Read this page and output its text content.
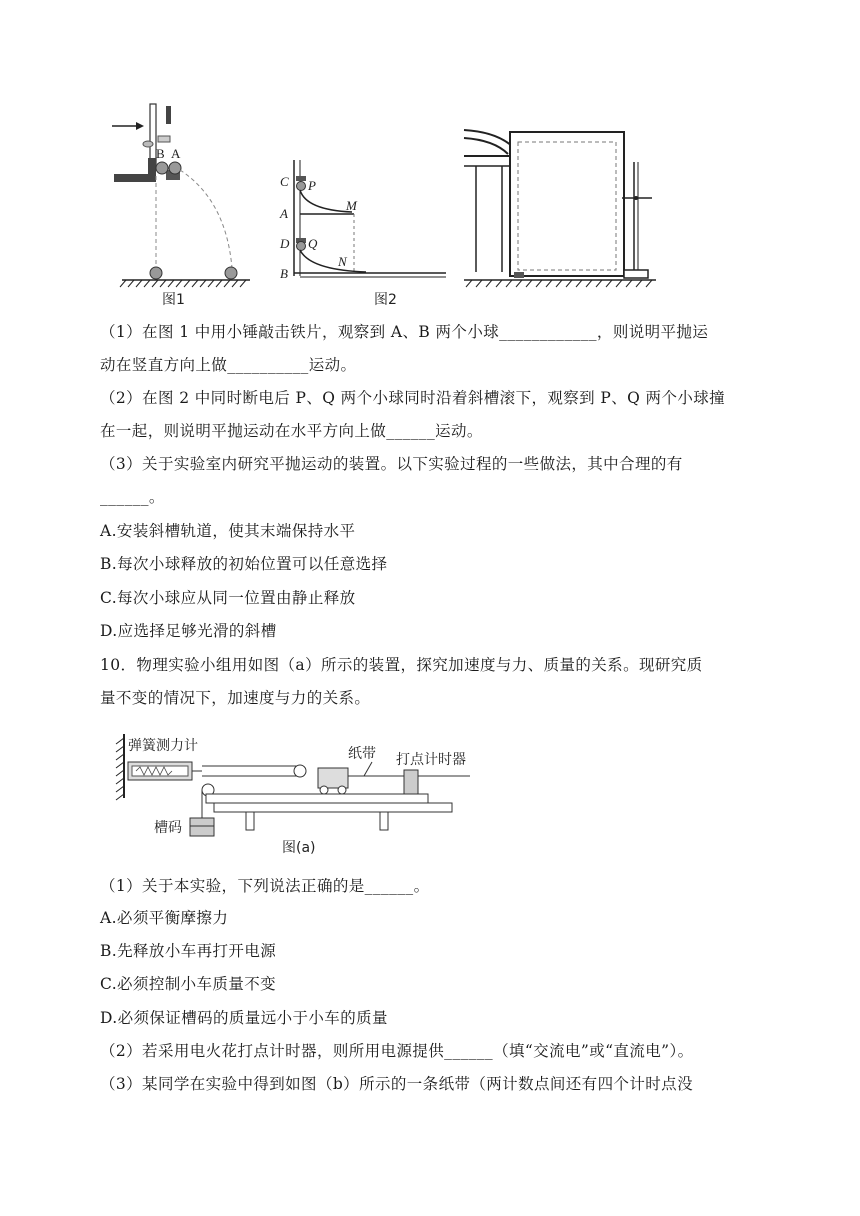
B A
图1
C P
A
M
D Q
N
B
图2
（1）在图 1 中用小锤敲击铁片，观察到 A、B 两个小球____________，则说明平抛运
动在竖直方向上做__________运动。
（2）在图 2 中同时断电后 P、Q 两个小球同时沿着斜槽滚下，观察到 P、Q 两个小球撞
在一起，则说明平抛运动在水平方向上做______运动。
（3）关于实验室内研究平抛运动的装置。以下实验过程的一些做法，其中合理的有
______。
A.安装斜槽轨道，使其末端保持水平
B.每次小球释放的初始位置可以任意选择
C.每次小球应从同一位置由静止释放
D.应选择足够光滑的斜槽
10．物理实验小组用如图（a）所示的装置，探究加速度与力、质量的关系。现研究质
量不变的情况下，加速度与力的关系。
弹簧测力计
槽码
纸带 打点计时器
图(a)
（1）关于本实验，下列说法正确的是______。
A.必须平衡摩擦力
B.先释放小车再打开电源
C.必须控制小车质量不变
D.必须保证槽码的质量远小于小车的质量
（2）若采用电火花打点计时器，则所用电源提供______（填“交流电”或“直流电”）。
（3）某同学在实验中得到如图（b）所示的一条纸带（两计数点间还有四个计时点没
